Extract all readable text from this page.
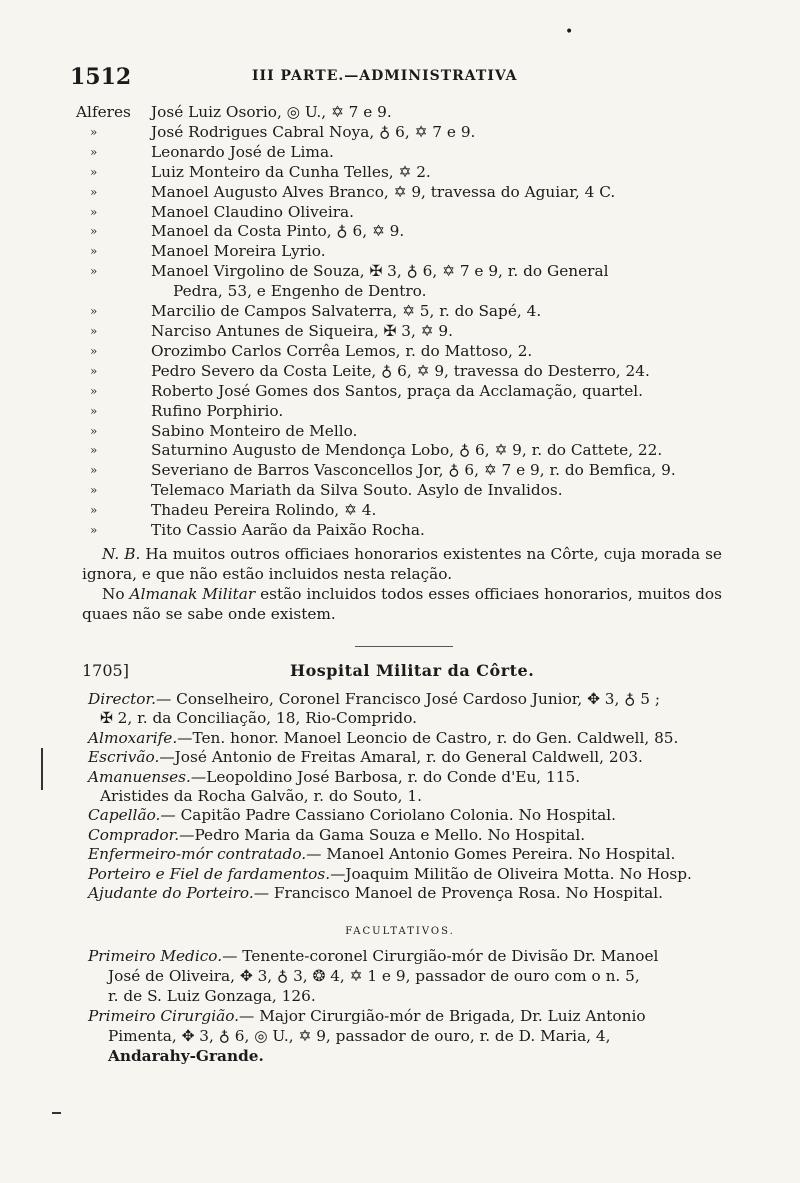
•
1512	III PARTE.—ADMINISTRATIVA
Alferes José Luiz Osorio, ◎ U., ✡ 7 e 9.
»	José Rodrigues Cabral Noya, ♁ 6, ✡ 7 e 9.
»	Leonardo José de Lima.
»	Luiz Monteiro da Cunha Telles, ✡ 2.
»	Manoel Augusto Alves Branco, ✡ 9, travessa do Aguiar, 4 C.
»	Manoel Claudino Oliveira.
»	Manoel da Costa Pinto, ♁ 6, ✡ 9.
»	Manoel Moreira Lyrio.
»	Manoel Virgolino de Souza, ✠ 3, ♁ 6, ✡ 7 e 9, r. do General
Pedra, 53, e Engenho de Dentro.
»	Marcilio de Campos Salvaterra, ✡ 5, r. do Sapé, 4.
»	Narciso Antunes de Siqueira, ✠ 3, ✡ 9.
»	Orozimbo Carlos Corrêa Lemos, r. do Mattoso, 2.
»	Pedro Severo da Costa Leite, ♁ 6, ✡ 9, travessa do Desterro, 24.
»	Roberto José Gomes dos Santos, praça da Acclamação, quartel.
»	Rufino Porphirio.
»	Sabino Monteiro de Mello.
»	Saturnino Augusto de Mendonça Lobo, ♁ 6, ✡ 9, r. do Cattete, 22.
»	Severiano de Barros Vasconcellos Jor, ♁ 6, ✡ 7 e 9, r. do Bemfica, 9.
»	Telemaco Mariath da Silva Souto. Asylo de Invalidos.
»	Thadeu Pereira Rolindo, ✡ 4.
»	Tito Cassio Aarão da Paixão Rocha.

N. B. Ha muitos outros officiaes honorarios existentes na Côrte, cuja morada se ignora, e que não estão incluidos nesta relação.

No Almanak Militar estão incluidos todos esses officiaes honorarios, muitos dos quaes não se sabe onde existem.

1705]	Hospital Militar da Côrte.
Director.— Conselheiro, Coronel Francisco José Cardoso Junior, ✥ 3, ♁ 5 ;
✠ 2, r. da Conciliação, 18, Rio-Comprido.
Almoxarife.—Ten. honor. Manoel Leoncio de Castro, r. do Gen. Caldwell, 85.
Escrivão.—José Antonio de Freitas Amaral, r. do General Caldwell, 203.
Amanuenses.—Leopoldino José Barbosa, r. do Conde d'Eu, 115.
Aristides da Rocha Galvão, r. do Souto, 1.
Capellão.— Capitão Padre Cassiano Coriolano Colonia. No Hospital.
Comprador.—Pedro Maria da Gama Souza e Mello. No Hospital.
Enfermeiro-mór contratado.— Manoel Antonio Gomes Pereira. No Hospital.
Porteiro e Fiel de fardamentos.—Joaquim Militão de Oliveira Motta. No Hosp.
Ajudante do Porteiro.— Francisco Manoel de Provença Rosa. No Hospital.
FACULTATIVOS.
Primeiro Medico.— Tenente-coronel Cirurgião-mór de Divisão Dr. Manoel
José de Oliveira, ✥ 3, ♁ 3, ❂ 4, ✡ 1 e 9, passador de ouro com o n. 5,
r. de S. Luiz Gonzaga, 126.
Primeiro Cirurgião.— Major Cirurgião-mór de Brigada, Dr. Luiz Antonio
Pimenta, ✥ 3, ♁ 6, ◎ U., ✡ 9, passador de ouro, r. de D. Maria, 4,
Andarahy-Grande.
